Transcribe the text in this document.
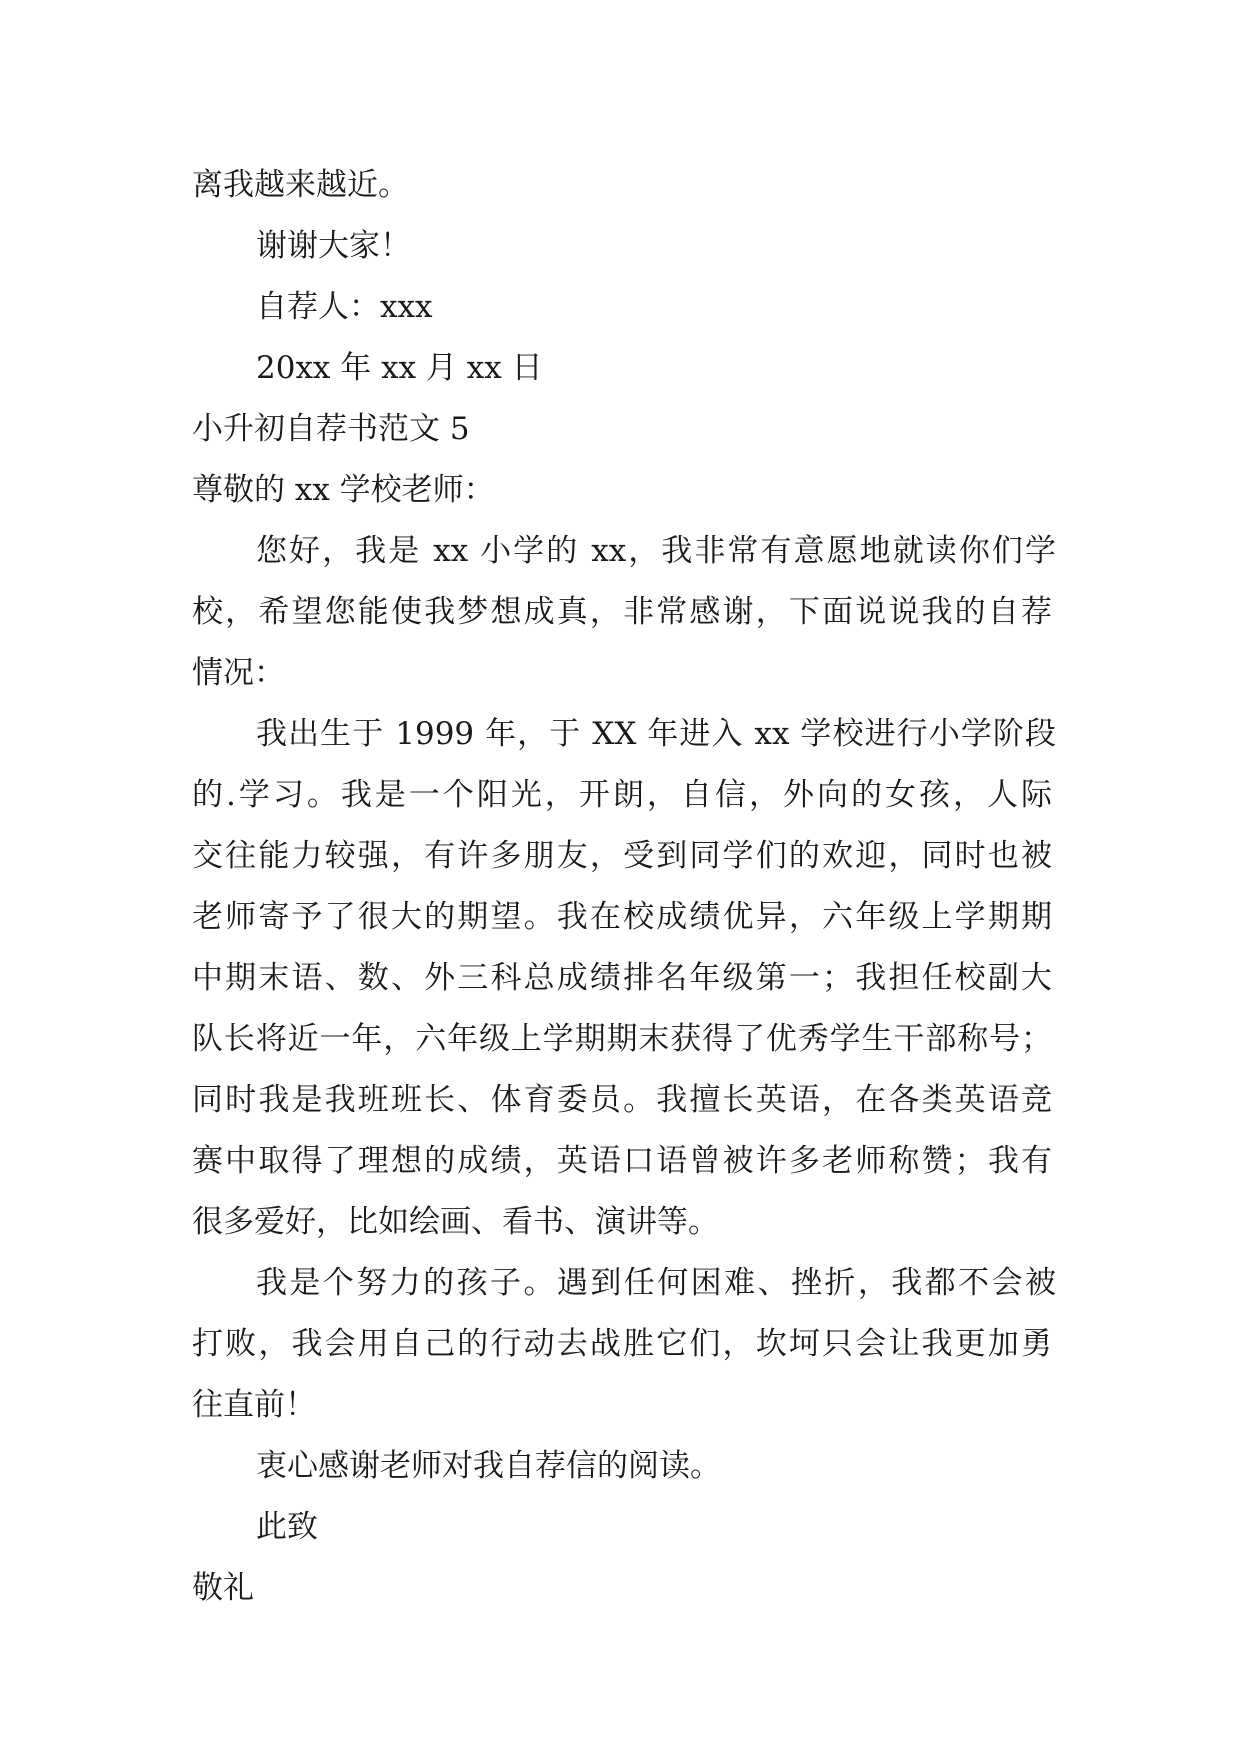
离我越来越近。
谢谢大家！
自荐人：xxx
20xx 年 xx 月 xx 日
小升初自荐书范文 5
尊敬的 xx 学校老师：
您好，我是 xx 小学的 xx，我非常有意愿地就读你们学
校，希望您能使我梦想成真，非常感谢，下面说说我的自荐
情况：
我出生于 1999 年，于 XX 年进入 xx 学校进行小学阶段
的.学习。我是一个阳光，开朗，自信，外向的女孩，人际
交往能力较强，有许多朋友，受到同学们的欢迎，同时也被
老师寄予了很大的期望。我在校成绩优异，六年级上学期期
中期末语、数、外三科总成绩排名年级第一；我担任校副大
队长将近一年，六年级上学期期末获得了优秀学生干部称号；
同时我是我班班长、体育委员。我擅长英语，在各类英语竞
赛中取得了理想的成绩，英语口语曾被许多老师称赞；我有
很多爱好，比如绘画、看书、演讲等。
我是个努力的孩子。遇到任何困难、挫折，我都不会被
打败，我会用自己的行动去战胜它们，坎坷只会让我更加勇
往直前！
衷心感谢老师对我自荐信的阅读。
此致
敬礼
